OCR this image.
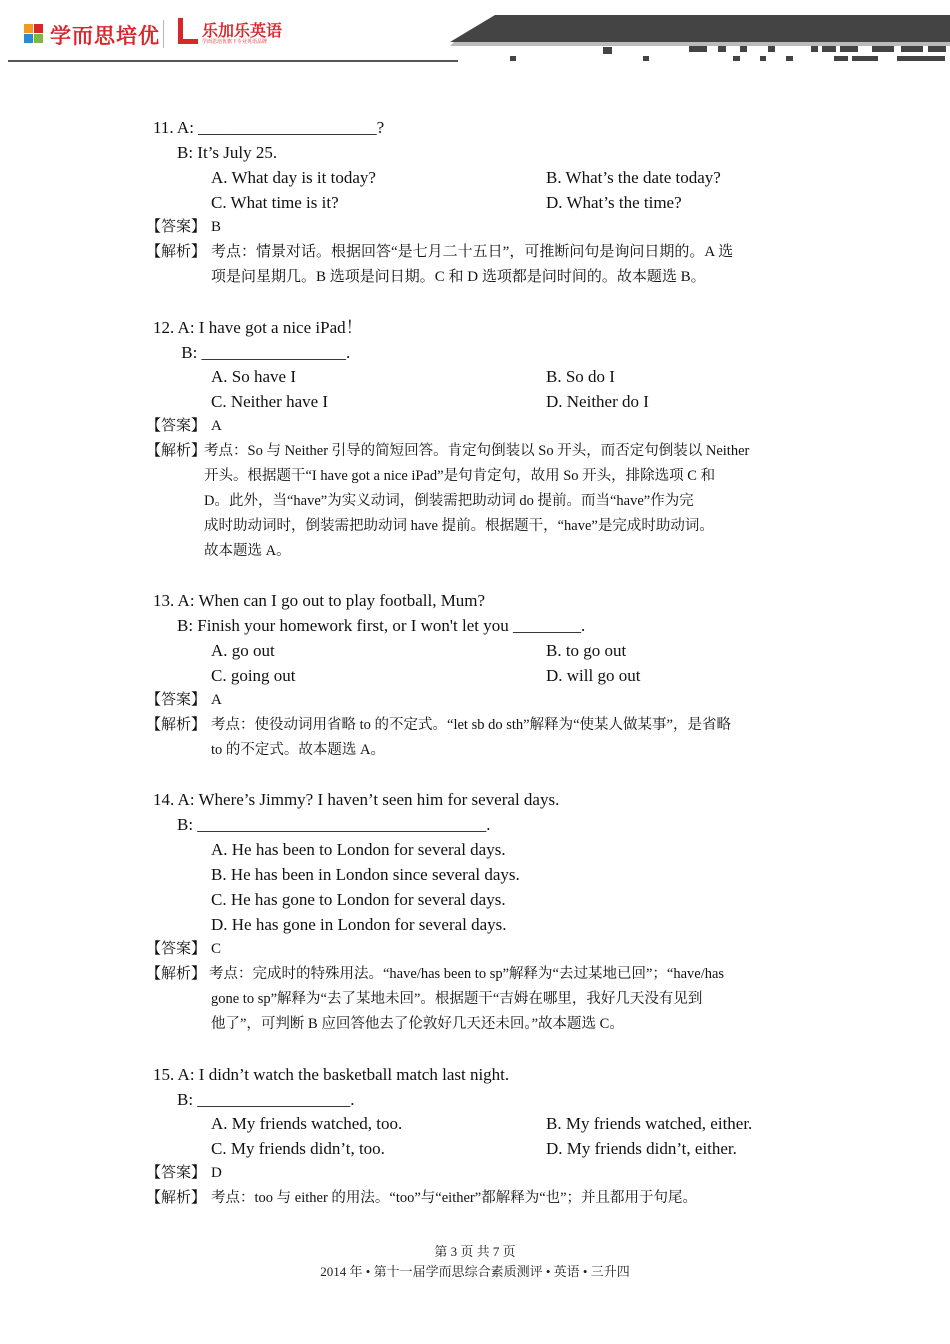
学而思培优	乐加乐英语
学而思培优旗下专业英语品牌
11. A: _____________________?
B: It’s July 25.
A. What day is it today?	B. What’s the date today?
C. What time is it?	D. What’s the time?
【答案】 B
【解析】 考点：情景对话。根据回答“是七月二十五日”，可推断问句是询问日期的。A 选
项是问星期几。B 选项是问日期。C 和 D 选项都是问时间的。故本题选 B。
12. A: I have got a nice iPad！
B: _________________.
A. So have I	B. So do I
C. Neither have I	D. Neither do I
【答案】 A
【解析】
考点：So 与 Neither 引导的简短回答。肯定句倒装以 So 开头，而否定句倒装以 Neither
开头。根据题干“I have got a nice iPad”是句肯定句，故用 So 开头，排除选项 C 和
D。此外，当“have”为实义动词，倒装需把助动词 do 提前。而当“have”作为完
成时助动词时，倒装需把助动词 have 提前。根据题干，“have”是完成时助动词。
故本题选 A。
13. A: When can I go out to play football, Mum?
B: Finish your homework first, or I won't let you ________.
A. go out	B. to go out
C. going out	D. will go out
【答案】 A
【解析】 考点：使役动词用省略 to 的不定式。“let sb do sth”解释为“使某人做某事”，是省略
to 的不定式。故本题选 A。
14. A: Where’s Jimmy? I haven’t seen him for several days.
B: __________________________________.
A. He has been to London for several days.
B. He has been in London since several days.
C. He has gone to London for several days.
D. He has gone in London for several days.
【答案】 C
【解析】 考点：完成时的特殊用法。“have/has been to sp”解释为“去过某地已回”；“have/has
gone to sp”解释为“去了某地未回”。根据题干“吉姆在哪里，我好几天没有见到
他了”，可判断 B 应回答他去了伦敦好几天还未回。”故本题选 C。
15. A: I didn’t watch the basketball match last night.
B: __________________.
A. My friends watched, too.	B. My friends watched, either.
C. My friends didn’t, too.	D. My friends didn’t, either.
【答案】 D
【解析】 考点：too 与 either 的用法。“too”与“either”都解释为“也”；并且都用于句尾。
第 3 页 共 7 页
2014 年 • 第十一届学而思综合素质测评 • 英语 • 三升四
